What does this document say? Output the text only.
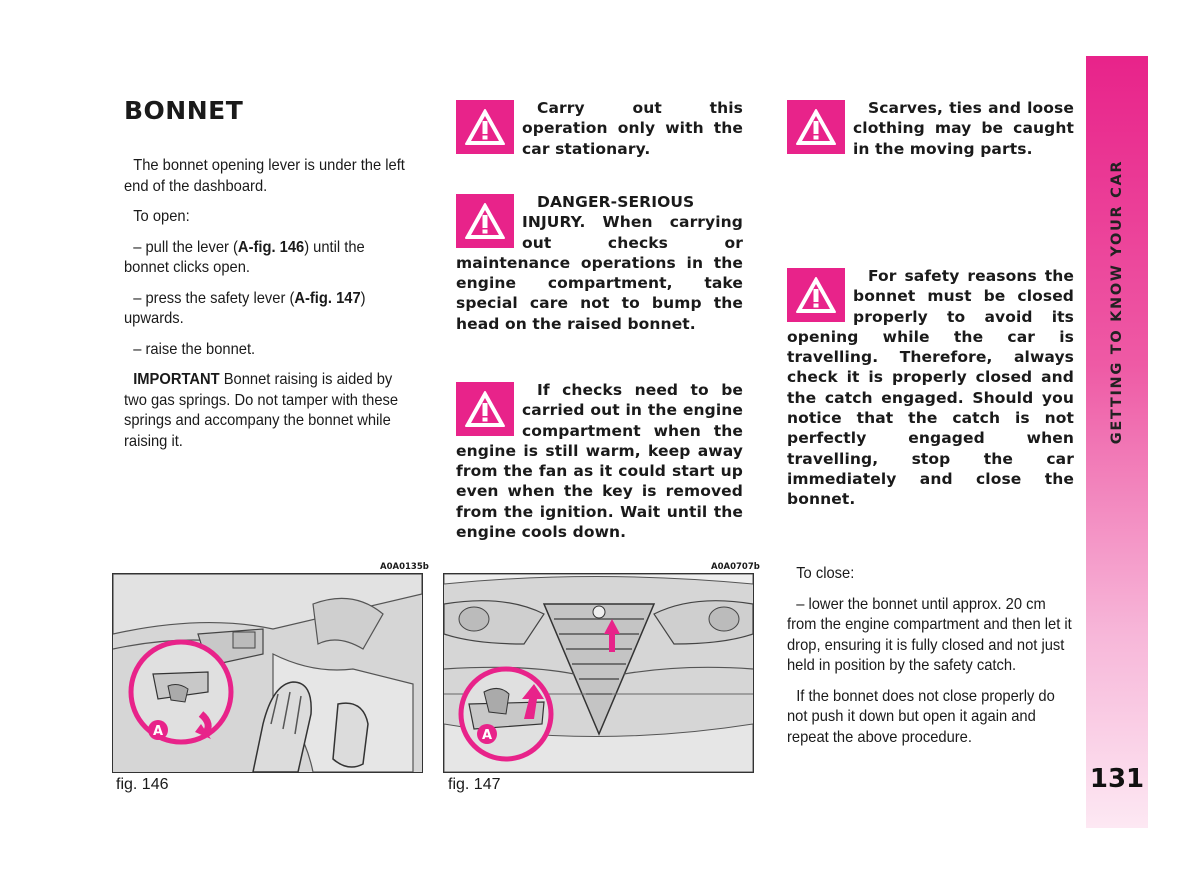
BONNET

The bonnet opening lever is under the left end of the dashboard.

To open:

– pull the lever (A-fig. 146) until the bonnet clicks open.

– press the safety lever (A-fig. 147) upwards.

– raise the bonnet.

IMPORTANT Bonnet raising is aided by two gas springs. Do not tamper with these springs and accompany the bonnet while raising it.

Carry out this operation only with the car stationary.

DANGER-SERIOUS INJURY. When carrying out checks or maintenance operations in the engine compartment, take special care not to bump the head on the raised bonnet.

If checks need to be carried out in the engine compartment when the engine is still warm, keep away from the fan as it could start up even when the key is removed from the ignition. Wait until the engine cools down.

Scarves, ties and loose clothing may be caught in the moving parts.

For safety reasons the bonnet must be closed properly to avoid its opening while the car is travelling. Therefore, always check it is properly closed and the catch engaged. Should you notice that the catch is not perfectly engaged when travelling, stop the car immediately and close the bonnet.

A0A0135b
A
fig. 146
A0A0707b
A
fig. 147

To close:

– lower the bonnet until approx. 20 cm from the engine compartment and then let it drop, ensuring it is fully closed and not just held in position by the safety catch.

If the bonnet does not close properly do not push it down but open it again and repeat the above procedure.

GETTING TO KNOW YOUR CAR
131
